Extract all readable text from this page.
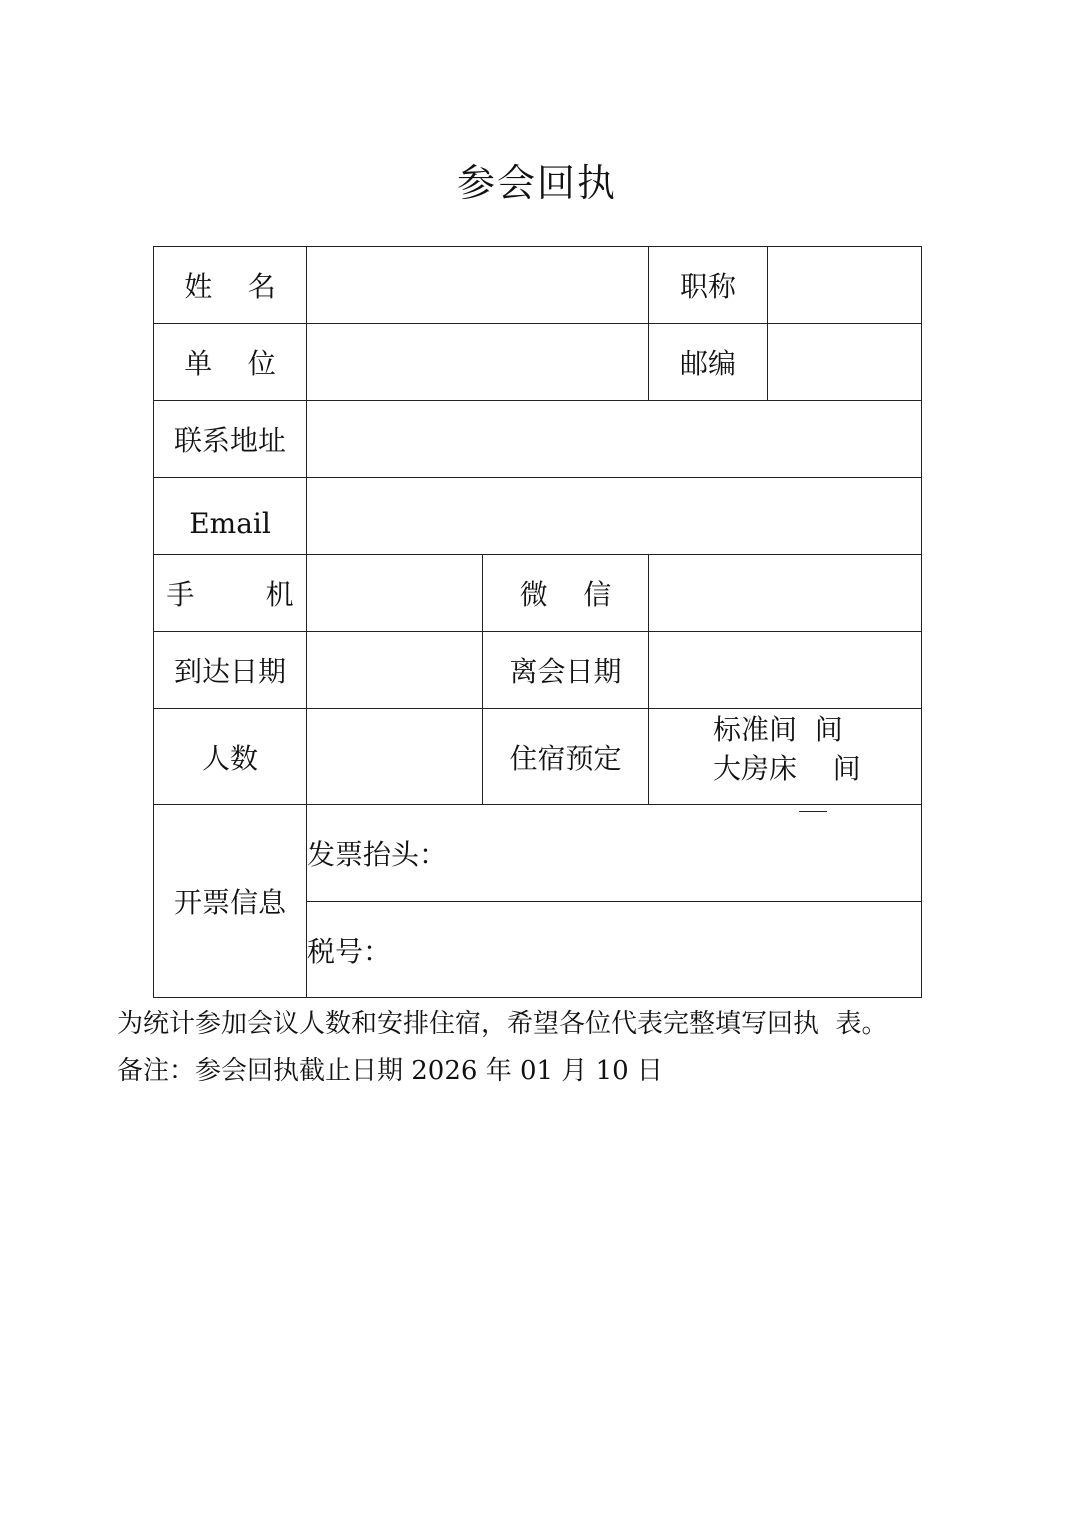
参会回执
姓    名			职称	
单    位			邮编	
联系地址				
Email				
手        机		微    信		
到达日期		离会日期		
人数		住宿预定	标准间  间
大房床    间	

开票信息	发票抬头：			
	税号：			
为统计参加会议人数和安排住宿，希望各位代表完整填写回执  表。
备注：参会回执截止日期 2026 年 01 月 10 日
